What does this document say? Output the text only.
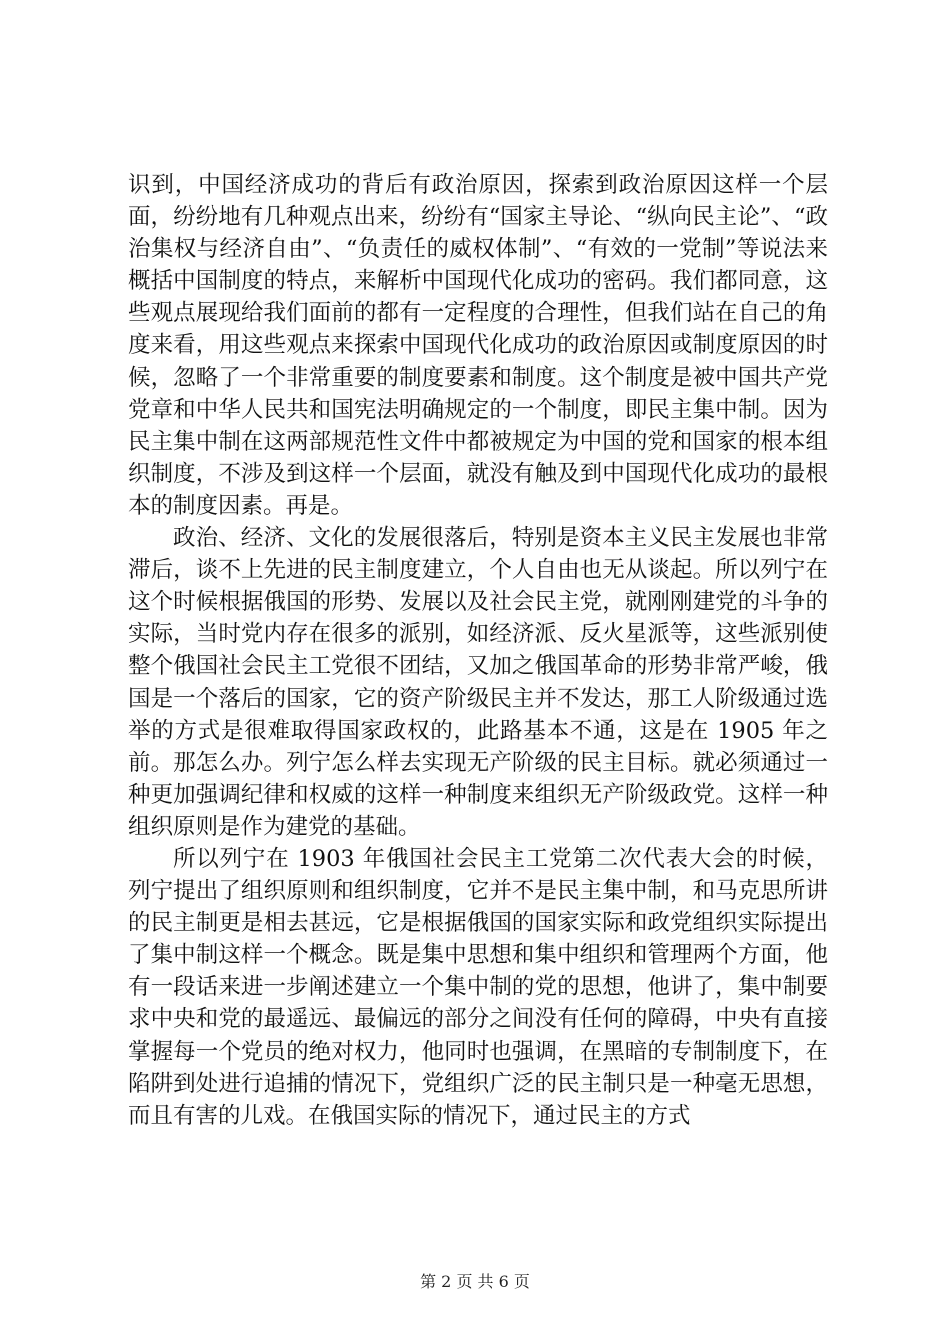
识到，中国经济成功的背后有政治原因，探索到政治原因这样一个层面，纷纷地有几种观点出来，纷纷有“国家主导论、“纵向民主论”、“政治集权与经济自由”、“负责任的威权体制”、“有效的一党制”等说法来概括中国制度的特点，来解析中国现代化成功的密码。我们都同意，这些观点展现给我们面前的都有一定程度的合理性，但我们站在自己的角度来看，用这些观点来探索中国现代化成功的政治原因或制度原因的时候，忽略了一个非常重要的制度要素和制度。这个制度是被中国共产党党章和中华人民共和国宪法明确规定的一个制度，即民主集中制。因为民主集中制在这两部规范性文件中都被规定为中国的党和国家的根本组织制度，不涉及到这样一个层面，就没有触及到中国现代化成功的最根本的制度因素。再是。

政治、经济、文化的发展很落后，特别是资本主义民主发展也非常滞后，谈不上先进的民主制度建立，个人自由也无从谈起。所以列宁在这个时候根据俄国的形势、发展以及社会民主党，就刚刚建党的斗争的实际，当时党内存在很多的派别，如经济派、反火星派等，这些派别使整个俄国社会民主工党很不团结，又加之俄国革命的形势非常严峻，俄国是一个落后的国家，它的资产阶级民主并不发达，那工人阶级通过选举的方式是很难取得国家政权的，此路基本不通，这是在 1905 年之前。那怎么办。列宁怎么样去实现无产阶级的民主目标。就必须通过一种更加强调纪律和权威的这样一种制度来组织无产阶级政党。这样一种组织原则是作为建党的基础。

所以列宁在 1903 年俄国社会民主工党第二次代表大会的时候，列宁提出了组织原则和组织制度，它并不是民主集中制，和马克思所讲的民主制更是相去甚远，它是根据俄国的国家实际和政党组织实际提出了集中制这样一个概念。既是集中思想和集中组织和管理两个方面，他有一段话来进一步阐述建立一个集中制的党的思想，他讲了，集中制要求中央和党的最遥远、最偏远的部分之间没有任何的障碍，中央有直接掌握每一个党员的绝对权力，他同时也强调，在黑暗的专制制度下，在陷阱到处进行追捕的情况下，党组织广泛的民主制只是一种毫无思想，而且有害的儿戏。在俄国实际的情况下，通过民主的方式

第 2 页 共 6 页
